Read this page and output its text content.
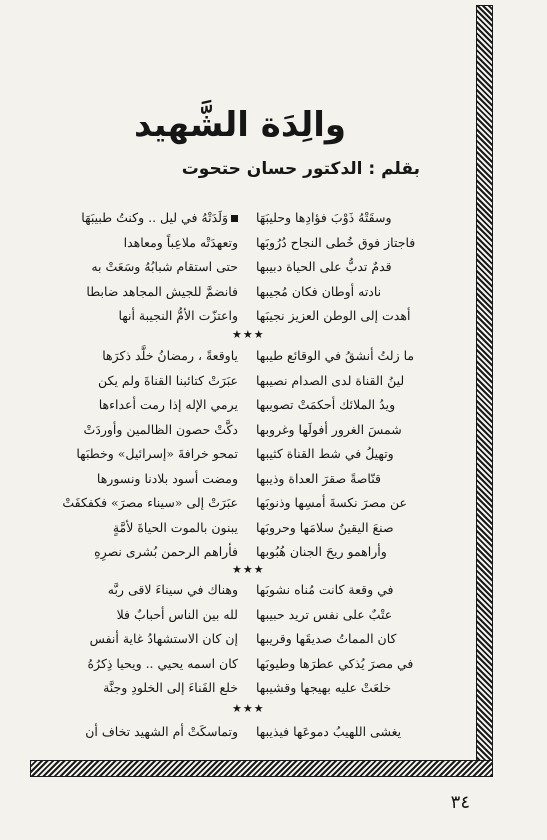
والِدَة الشَّهيد
بقلم : الدكتور حسان حتحوت
وَلَدَتْهُ في ليل .. وكنتُ طبيبَهَا	وسقَتْهُ ذَوْبَ فؤادِها وحليبَهَا
وتعهدَتْه ملاعِباً ومعاهدا فاجتاز فوق خُطى النجاح دُرُوبَها
حتى استقام شبابُهُ وسَعَتْ به قدمٌ تدبُّ على الحياة دبيبها
فانضمَّ للجيش المجاهد ضابطا نادته أوطان فكان مُجيبها
واعتزّت الأمُّ النجيبة أنها أهدت إلى الوطن العزيز نجيبَها
★★★
ياوقعةً ، رمضانُ خلَّد ذكرَها ما زلتُ أنشقُ في الوقائع طيبها
عبَرَتْ كتائبنا القناةَ ولم يكن لينُ القناة لدى الصدام نصيبها
يرمي الإله إذا رمت أعداءها ويدُ الملائك أحكمَتْ تصويبها
دكَّتْ حصون الظالمين وأوردَتْ شمسَ الغرور أفولَها وغروبها
تمحو خرافةَ «إسرائيل» وخطبَها وتهيلُ في شط القناة كثيبها
ومضت أسود بلادنا ونسورها قنّاصةً صقرَ العداة وذيبها
عبَرَتْ إلى «سيناء مصرَ» فكفكفَتْ عن مصرَ نكسةَ أمسِها وذنوبَها
يبنون بالموت الحياةَ لأمَّةٍ صنعَ اليقينُ سلامَها وحروبَها
فأراهم الرحمن بُشرى نصرِهِ وأراهمو ريحَ الجنان هُبُوبها
★★★
وهناك في سيناءَ لاقى ربَّه في وقعة كانت مُناه نشوبَها
لله بين الناس أحبابٌ فلا عتْبٌ على نفس تريد حبيبها
إن كان الاستشهادُ غاية أنفس كان المماتُ صديقَها وقريبها
كان اسمه يحيي .. ويحيا ذِكرُهُ في مصرَ يُذكي عطرَها وطيوبَها
خلع الفَناءَ إلى الخلودِ وجنَّة خلعَتْ عليه بهيجها وقشيبها
★★★
وتماسكَتْ أم الشهيد تخاف أن يغشى اللهيبُ دموعَها فيذيبها
٣٤
